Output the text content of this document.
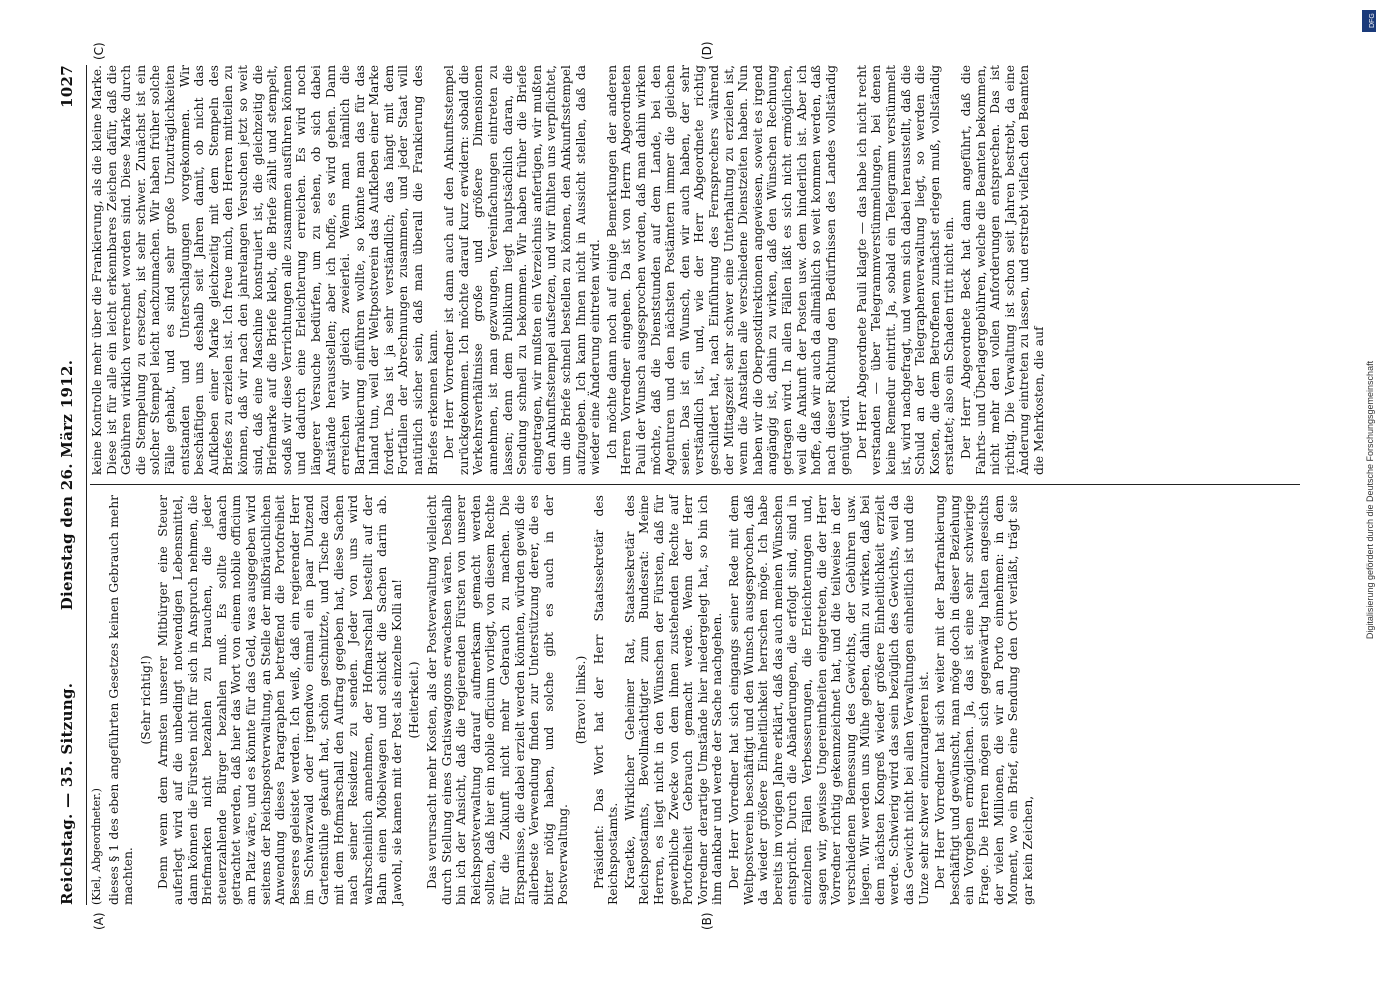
DFG
Reichstag. — 35. Sitzung.
Dienstag den 26. März 1912.
1027
(A)	(B)
(C)	(D)

(Kiel, Abgeordneter.) dieses § 1 des eben angeführten Gesetzes keinen Gebrauch mehr machten.

(Sehr richtig!) Denn wenn dem Armsten unserer Mitbürger eine Steuer auferlegt wird auf die unbedingt notwendigen Lebensmittel, dann können die Fürsten nicht für sich in Anspruch nehmen, die Briefmarken nicht bezahlen zu brauchen, die jeder steuerzahlende Bürger bezahlen muß. Es sollte danach getrachtet werden, daß hier das Wort von einem nobile officium am Platz wäre, und es könnte für das Geld, was ausgegeben wird seitens der Reichspostverwaltung, an Stelle der mißbräuchlichen Anwendung dieses Paragraphen betreffend die Portofreiheit Besseres geleistet werden. Ich weiß, daß ein regierender Herr im Schwarzwald oder irgendwo einmal ein paar Dutzend Gartenstühle gekauft hat, schön geschnitzte, und Tische dazu mit dem Hofmarschall den Auftrag gegeben hat, diese Sachen nach seiner Residenz zu senden. Jeder von uns wird wahrscheinlich annehmen, der Hofmarschall bestellt auf der Bahn einen Möbelwagen und schickt die Sachen darin ab. Jawohl, sie kamen mit der Post als einzelne Kolli an! (Heiterkeit.) Das verursacht mehr Kosten, als der Postverwaltung vielleicht durch Stellung eines Gratiswaggons erwachsen wären. Deshalb bin ich der Ansicht, daß die regierenden Fürsten von unserer Reichspostverwaltung darauf aufmerksam gemacht werden sollten, daß hier ein nobile officium vorliegt, von diesem Rechte für die Zukunft nicht mehr Gebrauch zu machen. Die Ersparnisse, die dabei erzielt werden könnten, würden gewiß die allerbeste Verwendung finden zur Unterstützung derer, die es bitter nötig haben, und solche gibt es auch in der Postverwaltung.

(Bravo! links.) Präsident: Das Wort hat der Herr Staatssekretär des Reichspostamts. Kraetke, Wirklicher Geheimer Rat, Staatssekretär des Reichspostamts, Bevollmächtigter zum Bundesrat: Meine Herren, es liegt nicht in den Wünschen der Fürsten, daß für gewerbliche Zwecke von dem ihnen zustehenden Rechte auf Portofreiheit Gebrauch gemacht werde. Wenn der Herr Vorredner derartige Umstände hier niedergelegt hat, so bin ich ihm dankbar und werde der Sache nachgehen. Der Herr Vorredner hat sich eingangs seiner Rede mit dem Weltpostverein beschäftigt und den Wunsch ausgesprochen, daß da wieder größere Einheitlichkeit herrschen möge. Ich habe bereits im vorigen Jahre erklärt, daß das auch meinen Wünschen entspricht. Durch die Abänderungen, die erfolgt sind, sind in einzelnen Fällen Verbesserungen, die Erleichterungen und, sagen wir, gewisse Ungereimtheiten eingetreten, die der Herr Vorredner richtig gekennzeichnet hat, und die teilweise in der verschiedenen Bemessung des Gewichts, der Gebühren usw. liegen. Wir werden uns Mühe geben, dahin zu wirken, daß bei dem nächsten Kongreß wieder größere Einheitlichkeit erzielt werde. Schwierig wird das sein bezüglich des Gewichts, weil da das Gewicht nicht bei allen Verwaltungen einheitlich ist und die Unze sehr schwer einzurangieren ist. Der Herr Vorredner hat sich weiter mit der Barfrankierung beschäftigt und gewünscht, man möge doch in dieser Beziehung ein Vorgehen ermöglichen. Ja, das ist eine sehr schwierige Frage. Die Herren mögen sich gegenwärtig halten angesichts der vielen Millionen, die wir an Porto einnehmen: in dem Moment, wo ein Brief, eine Sendung den Ort verläßt, trägt sie gar kein Zeichen,

keine Kontrolle mehr über die Frankierung, als die kleine Marke. Diese ist für alle ein leicht erkennbares Zeichen dafür, daß die Gebühren wirklich verrechnet worden sind. Diese Marke durch die Stempelung zu ersetzen, ist sehr schwer. Zunächst ist ein solcher Stempel leicht nachzumachen. Wir haben früher solche Fälle gehabt, und es sind sehr große Unzuträglichkeiten entstanden und Unterschlagungen vorgekommen. Wir beschäftigen uns deshalb seit Jahren damit, ob nicht das Aufkleben einer Marke gleichzeitig mit dem Stempeln des Briefes zu erzielen ist. Ich freue mich, den Herren mitteilen zu können, daß wir nach den jahrelangen Versuchen jetzt so weit sind, daß eine Maschine konstruiert ist, die gleichzeitig die Briefmarke auf die Briefe klebt, die Briefe zählt und stempelt, sodaß wir diese Verrichtungen alle zusammen ausführen können und dadurch eine Erleichterung erreichen. Es wird noch längerer Versuche bedürfen, um zu sehen, ob sich dabei Anstände herausstellen; aber ich hoffe, es wird gehen. Dann erreichen wir gleich zweierlei. Wenn man nämlich die Barfrankierung einführen wollte, so könnte man das für das Inland tun, weil der Weltpostverein das Aufkleben einer Marke fordert. Das ist ja sehr verständlich; das hängt mit dem Fortfallen der Abrechnungen zusammen, und jeder Staat will natürlich sicher sein, daß man überall die Frankierung des Briefes erkennen kann. Der Herr Vorredner ist dann auch auf den Ankunftsstempel zurückgekommen. Ich möchte darauf kurz erwidern: sobald die Verkehrsverhältnisse große und größere Dimensionen annehmen, ist man gezwungen, Vereinfachungen eintreten zu lassen; denn dem Publikum liegt hauptsächlich daran, die Sendung schnell zu bekommen. Wir haben früher die Briefe eingetragen, wir mußten ein Verzeichnis anfertigen, wir mußten den Ankunftsstempel aufsetzen, und wir fühlten uns verpflichtet, um die Briefe schnell bestellen zu können, den Ankunftsstempel aufzugeben. Ich kann Ihnen nicht in Aussicht stellen, daß da wieder eine Änderung eintreten wird. Ich möchte dann noch auf einige Bemerkungen der anderen Herren Vorredner eingehen. Da ist von Herrn Abgeordneten Pauli der Wunsch ausgesprochen worden, daß man dahin wirken möchte, daß die Dienststunden auf dem Lande, bei den Agenturen und den nächsten Postämtern immer die gleichen seien. Das ist ein Wunsch, den wir auch haben, der sehr verständlich ist, und, wie der Herr Abgeordnete richtig geschildert hat, nach Einführung des Fernsprechers während der Mittagszeit sehr schwer eine Unterhaltung zu erzielen ist, wenn die Anstalten alle verschiedene Dienstzeiten haben. Nun haben wir die Oberpostdirektionen angewiesen, soweit es irgend angängig ist, dahin zu wirken, daß den Wünschen Rechnung getragen wird. In allen Fällen läßt es sich nicht ermöglichen, weil die Ankunft der Posten usw. dem hinderlich ist. Aber ich hoffe, daß wir auch da allmählich so weit kommen werden, daß nach dieser Richtung den Bedürfnissen des Landes vollständig genügt wird. Der Herr Abgeordnete Pauli klagte — das habe ich nicht recht verstanden — über Telegrammverstümmelungen, bei denen keine Remedur eintritt. Ja, sobald ein Telegramm verstümmelt ist, wird nachgefragt, und wenn sich dabei herausstellt, daß die Schuld an der Telegraphenverwaltung liegt, so werden die Kosten, die dem Betroffenen zunächst erlegen muß, vollständig erstattet; also ein Schaden tritt nicht ein. Der Herr Abgeordnete Beck hat dann angeführt, daß die Fahrts- und Überlagergebühren, welche die Beamten bekommen, nicht mehr den vollen Anforderungen entsprechen. Das ist richtig. Die Verwaltung ist schon seit Jahren bestrebt, da eine Änderung eintreten zu lassen, und erstrebt vielfach den Beamten die Mehrkosten, die auf	Digitalisierung gefördert durch die Deutsche Forschungsgemeinschaft
